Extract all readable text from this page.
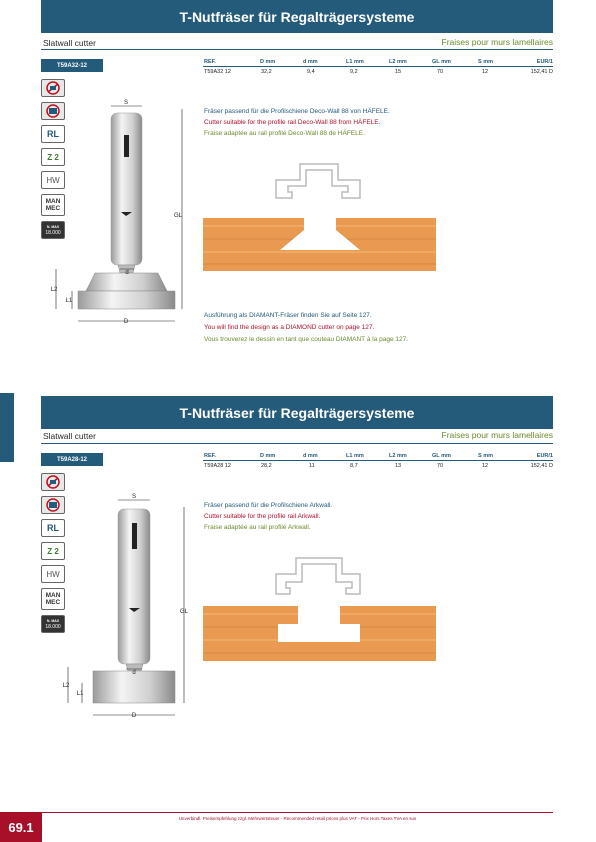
T-Nutfräser für Regalträgersysteme
Slatwall cutter	Fraises pour murs lamellaires
T59A32-12
REF.	D mm	d mm	L1 mm	L2 mm	GL mm	S mm	EUR/1
T59A32 12	32,2	9,4	9,2	15	70	12	152,41 D
RL
Z 2
HW
MAN
MEC
N. MAX
18.000
S
d
GL
L2
L1
D
Fräser passend für die Profilschiene Deco-Wall 88 von HÄFELE.
Cutter suitable for the profile rail Deco-Wall 88 from HÄFELE.
Fraise adaptée au rail profilé Deco-Wall 88 de HÄFELE.
Ausführung als DIAMANT-Fräser finden Sie auf Seite 127.
You will find the design as a DIAMOND cutter on page 127.
Vous trouverez le dessin en tant que couteau DIAMANT à la page 127.
T-Nutfräser für Regalträgersysteme
Slatwall cutter	Fraises pour murs lamellaires
T59A28-12
REF.	D mm	d mm	L1 mm	L2 mm	GL mm	S mm	EUR/1
T59A28 12	28,2	11	8,7	13	70	12	152,41 D
RL
Z 2
HW
MAN
MEC
N. MAX
18.000
S
d
GL
L2
L1
D
Fräser passend für die Profilschiene Arkwall.
Cutter suitable for the profile rail Arkwall.
Fraise adaptée au rail profilé Arkwall.
69.1
Unverbindl. Preisempfehlung zzgl. Mehrwertsteuer - Recommended retail prices plus VAT - Prix Hors Taxes TVA en sus
